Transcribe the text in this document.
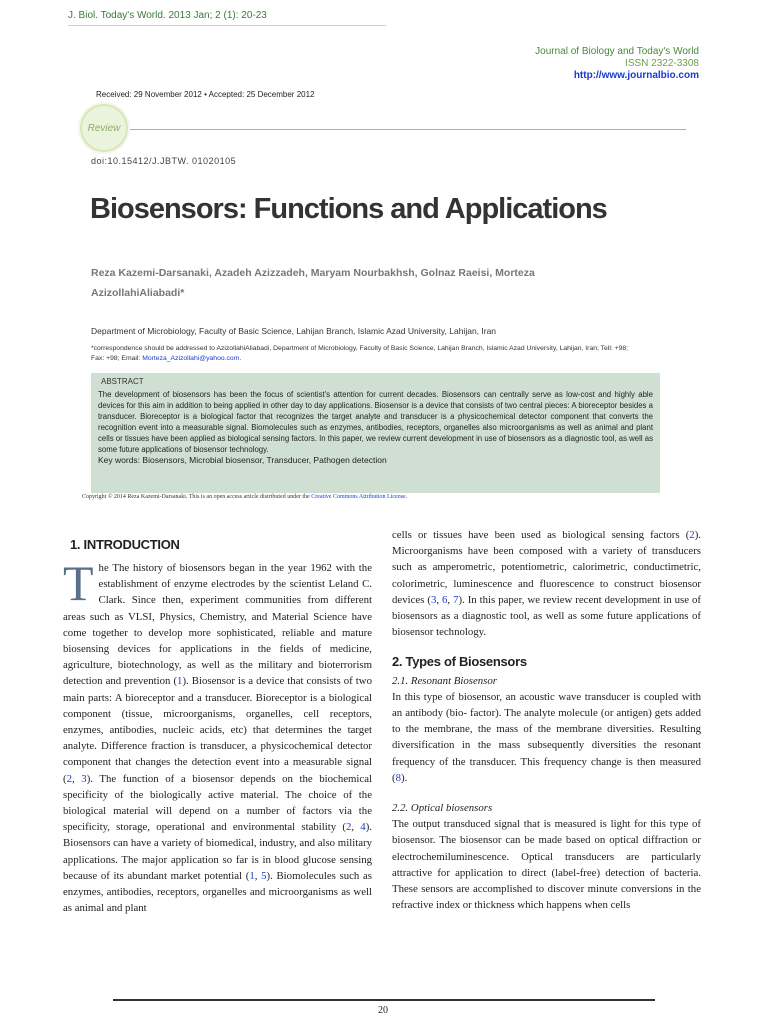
J. Biol. Today's World. 2013 Jan; 2 (1): 20-23
Journal of Biology and Today's World
ISSN 2322-3308
http://www.journalbio.com
Received: 29 November 2012 • Accepted: 25 December 2012
Review
doi:10.15412/J.JBTW. 01020105
Biosensors: Functions and Applications
Reza Kazemi-Darsanaki, Azadeh Azizzadeh, Maryam Nourbakhsh, Golnaz Raeisi, Morteza AzizollahiAliabadi*
Department of Microbiology, Faculty of Basic Science, Lahijan Branch, Islamic Azad University, Lahijan, Iran
*correspondence should be addressed to AzizollahiAliabadi, Department of Microbiology, Faculty of Basic Science, Lahijan Branch, Islamic Azad University, Lahijan, Iran; Tell: +98; Fax: +98; Email: Morteza_Azizollahi@yahoo.com.
ABSTRACT
The development of biosensors has been the focus of scientist's attention for current decades. Biosensors can centrally serve as low-cost and highly able devices for this aim in addition to being applied in other day to day applications. Biosensor is a device that consists of two central pieces: A bioreceptor besides a transducer. Bioreceptor is a biological factor that recognizes the target analyte and transducer is a physicochemical detector component that converts the recognition event into a measurable signal. Biomolecules such as enzymes, antibodies, receptors, organelles also microorganisms as well as animal and plant cells or tissues have been applied as biological sensing factors. In this paper, we review current development in use of biosensors as a diagnostic tool, as well as some future applications of biosensor technology.
Key words: Biosensors, Microbial biosensor, Transducer, Pathogen detection
Copyright © 2014 Reza Kazemi-Darsanaki. This is an open access article distributed under the Creative Commons Attribution License.
1. INTRODUCTION

The The history of biosensors began in the year 1962 with the establishment of enzyme electrodes by the scientist Leland C. Clark. Since then, experiment communities from different areas such as VLSI, Physics, Chemistry, and Material Science have come together to develop more sophisticated, reliable and mature biosensing devices for applications in the fields of medicine, agriculture, biotechnology, as well as the military and bioterrorism detection and prevention (1). Biosensor is a device that consists of two main parts: A bioreceptor and a transducer. Bioreceptor is a biological component (tissue, microorganisms, organelles, cell receptors, enzymes, antibodies, nucleic acids, etc) that determines the target analyte. Difference fraction is transducer, a physicochemical detector component that changes the detection event into a measurable signal (2, 3). The function of a biosensor depends on the biochemical specificity of the biologically active material. The choice of the biological material will depend on a number of factors via the specificity, storage, operational and environmental stability (2, 4). Biosensors can have a variety of biomedical, industry, and also military applications. The major application so far is in blood glucose sensing because of its abundant market potential (1, 5). Biomolecules such as enzymes, antibodies, receptors, organelles and microorganisms as well as animal and plant

cells or tissues have been used as biological sensing factors (2). Microorganisms have been composed with a variety of transducers such as amperometric, potentiometric, calorimetric, conductimetric, colorimetric, luminescence and fluorescence to construct biosensor devices (3, 6, 7). In this paper, we review recent development in use of biosensors as a diagnostic tool, as well as some future applications of biosensor technology.

2. Types of Biosensors
2.1. Resonant Biosensor

In this type of biosensor, an acoustic wave transducer is coupled with an antibody (bio- factor). The analyte molecule (or antigen) gets added to the membrane, the mass of the membrane diversities. Resulting diversification in the mass subsequently diversities the resonant frequency of the transducer. This frequency change is then measured (8).

2.2. Optical biosensors

The output transduced signal that is measured is light for this type of biosensor. The biosensor can be made based on optical diffraction or electrochemiluminescence. Optical transducers are particularly attractive for application to direct (label-free) detection of bacteria. These sensors are accomplished to discover minute conversions in the refractive index or thickness which happens when cells

20
